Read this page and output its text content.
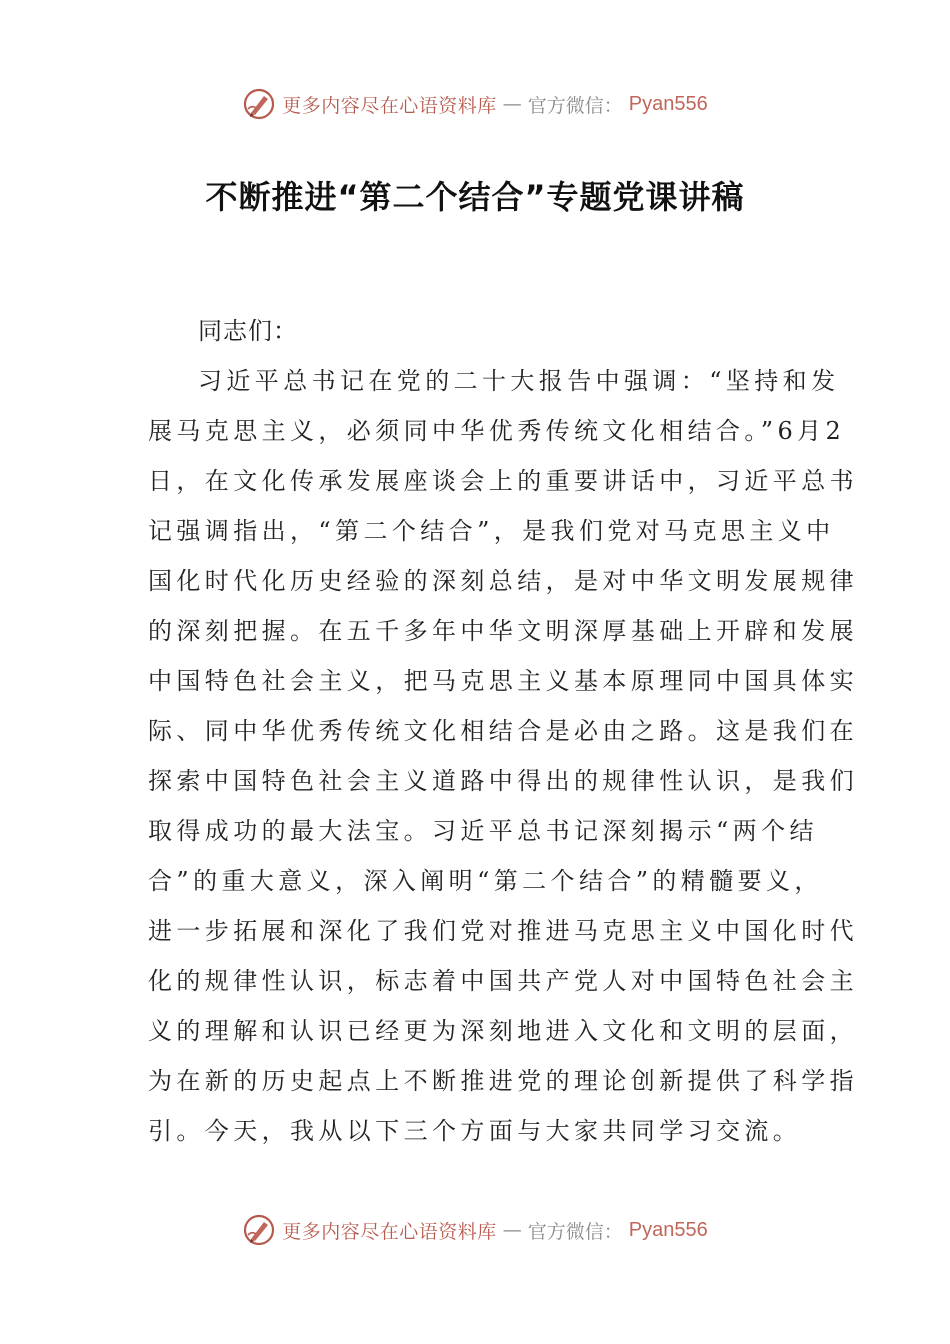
更多内容尽在心语资料库 — 官方微信： Pyan556
不断推进“第二个结合”专题党课讲稿
同志们：
习近平总书记在党的二十大报告中强调：“坚持和发
展马克思主义，必须同中华优秀传统文化相结合。”6月2
日，在文化传承发展座谈会上的重要讲话中，习近平总书
记强调指出，“第二个结合”，是我们党对马克思主义中
国化时代化历史经验的深刻总结，是对中华文明发展规律
的深刻把握。在五千多年中华文明深厚基础上开辟和发展
中国特色社会主义，把马克思主义基本原理同中国具体实
际、同中华优秀传统文化相结合是必由之路。这是我们在
探索中国特色社会主义道路中得出的规律性认识，是我们
取得成功的最大法宝。习近平总书记深刻揭示“两个结
合”的重大意义，深入阐明“第二个结合”的精髓要义，
进一步拓展和深化了我们党对推进马克思主义中国化时代
化的规律性认识，标志着中国共产党人对中国特色社会主
义的理解和认识已经更为深刻地进入文化和文明的层面，
为在新的历史起点上不断推进党的理论创新提供了科学指
引。今天，我从以下三个方面与大家共同学习交流。
更多内容尽在心语资料库 — 官方微信： Pyan556
